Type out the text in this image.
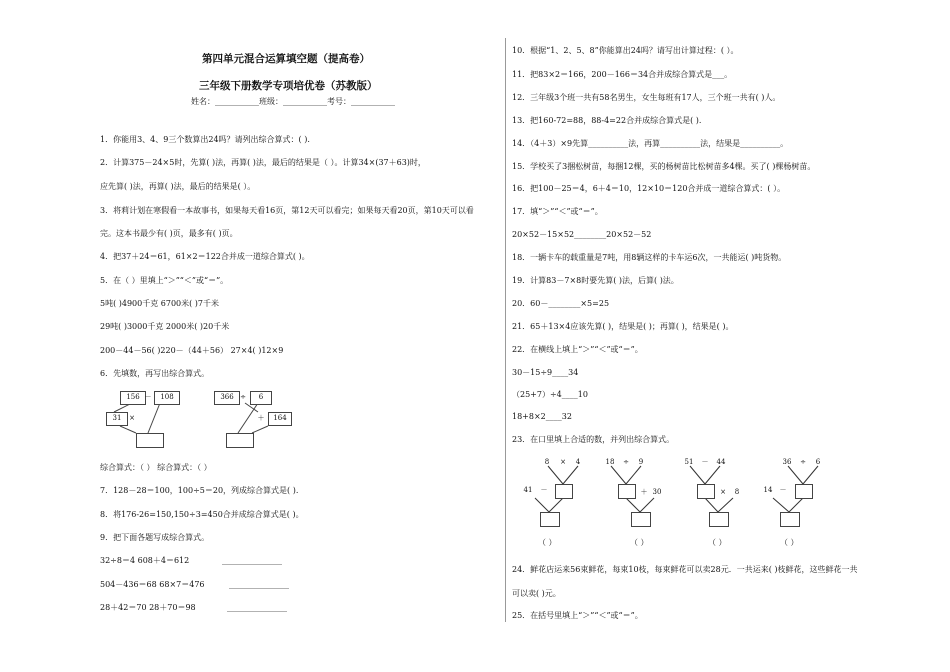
第四单元混合运算填空题（提高卷）
三年级下册数学专项培优卷（苏教版）
姓名：___________班级：___________考号：___________
1．你能用3、4、9三个数算出24吗？请列出综合算式：( ).
2．计算375－24×5时，先算( )法，再算( )法，最后的结果是（ ）。计算34×(37＋63)时，
应先算( )法，再算( )法，最后的结果是( ）。
3．将莉计划在寒假看一本故事书，如果每天看16页，第12天可以看完；如果每天看20页，第10天可以看
完。这本书最少有( )页，最多有( )页。
4．把37＋24＝61，61×2＝122合并成一道综合算式( )。
5．在（ ）里填上“＞”“＜”或“＝”。
5吨( )4900千克 6700米( )7千米
29吨( )3000千克 2000米( )20千米
200－44－56( )220－（44＋56） 27×4( )12×9
6．先填数，再写出综合算式。
156 －	108
31	×
366 ÷	6
＋	164
综合算式：（ ） 综合算式：（ ）
7．128－28＝100，100÷5＝20，列成综合算式是( ).
8．将176-26=150,150÷3=450合并成综合算式是( )。
9．把下面各题写成综合算式。
32÷8＝4 608＋4＝612	_______________
504－436＝68 68×7＝476	_______________
28＋42＝70 28＋70＝98	_______________
10．根据“1、2、5、8”你能算出24吗？请写出计算过程：( ）。
11．把83×2＝166，200－166＝34合并成综合算式是___。
12．三年级3个班一共有58名男生，女生每班有17人，三个班一共有( )人。
13．把160-72=88，88-4=22合并成综合算式是( ).
14．（4＋3）×9先算__________法，再算__________法，结果是__________。
15．学校买了3捆松树苗，每捆12棵，买的杨树苗比松树苗多4棵。买了( )棵杨树苗。
16．把100－25＝4，6＋4＝10，12×10＝120合并成一道综合算式：( ）。
17．填“＞”“＜”或“＝”。
20×52－15×52________20×52－52
18．一辆卡车的载重量是7吨，用8辆这样的卡车运6次，一共能运( )吨货物。
19．计算83－7×8时要先算( )法，后算( )法。
20．60－________×5=25
21．65＋13×4应该先算( )，结果是( )；再算( )，结果是( )。
22．在横线上填上“＞”“＜”或“＝”。
30－15÷9____34
（25+7）÷4____10
18+8×2____32
23．在口里填上合适的数，并列出综合算式。
8	×	4
41	－
（ ）
18	÷	9
＋ 30
（ ）
51	－	44
×	8
（ ）
36	÷	6
14	－
（ ）
24．鲜花店运来56束鲜花，每束10枝，每束鲜花可以卖28元．一共运来( )枝鲜花，这些鲜花一共
可以卖( )元。
25．在括号里填上“＞”“＜”或“＝”。
